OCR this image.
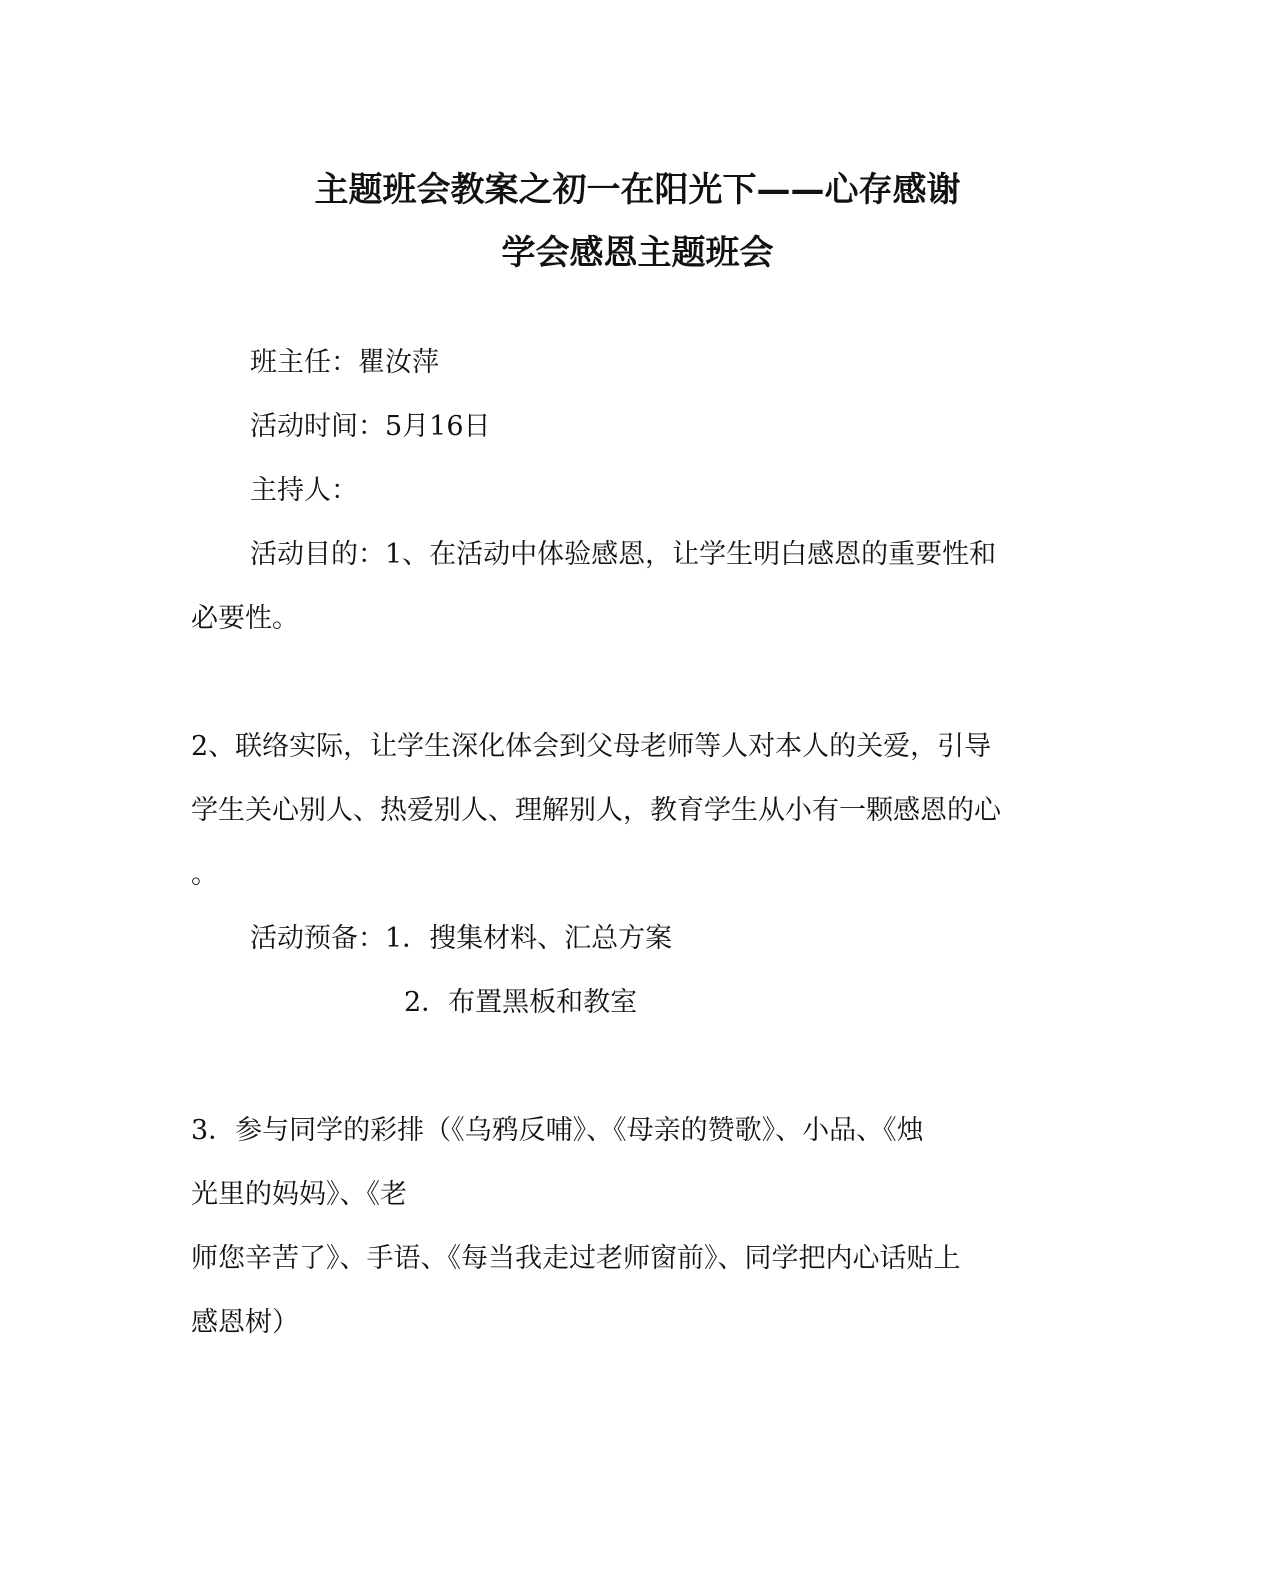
主题班会教案之初一在阳光下——心存感谢
学会感恩主题班会
班主任：瞿汝萍
活动时间：5月16日
主持人：
活动目的：1、在活动中体验感恩，让学生明白感恩的重要性和
必要性。
2、联络实际，让学生深化体会到父母老师等人对本人的关爱，引导
学生关心别人、热爱别人、理解别人，教育学生从小有一颗感恩的心
。
活动预备：1．搜集材料、汇总方案
2．布置黑板和教室
3．参与同学的彩排（《乌鸦反哺》、《母亲的赞歌》、小品、《烛
光里的妈妈》、《老
师您辛苦了》、手语、《每当我走过老师窗前》、同学把内心话贴上
感恩树）
